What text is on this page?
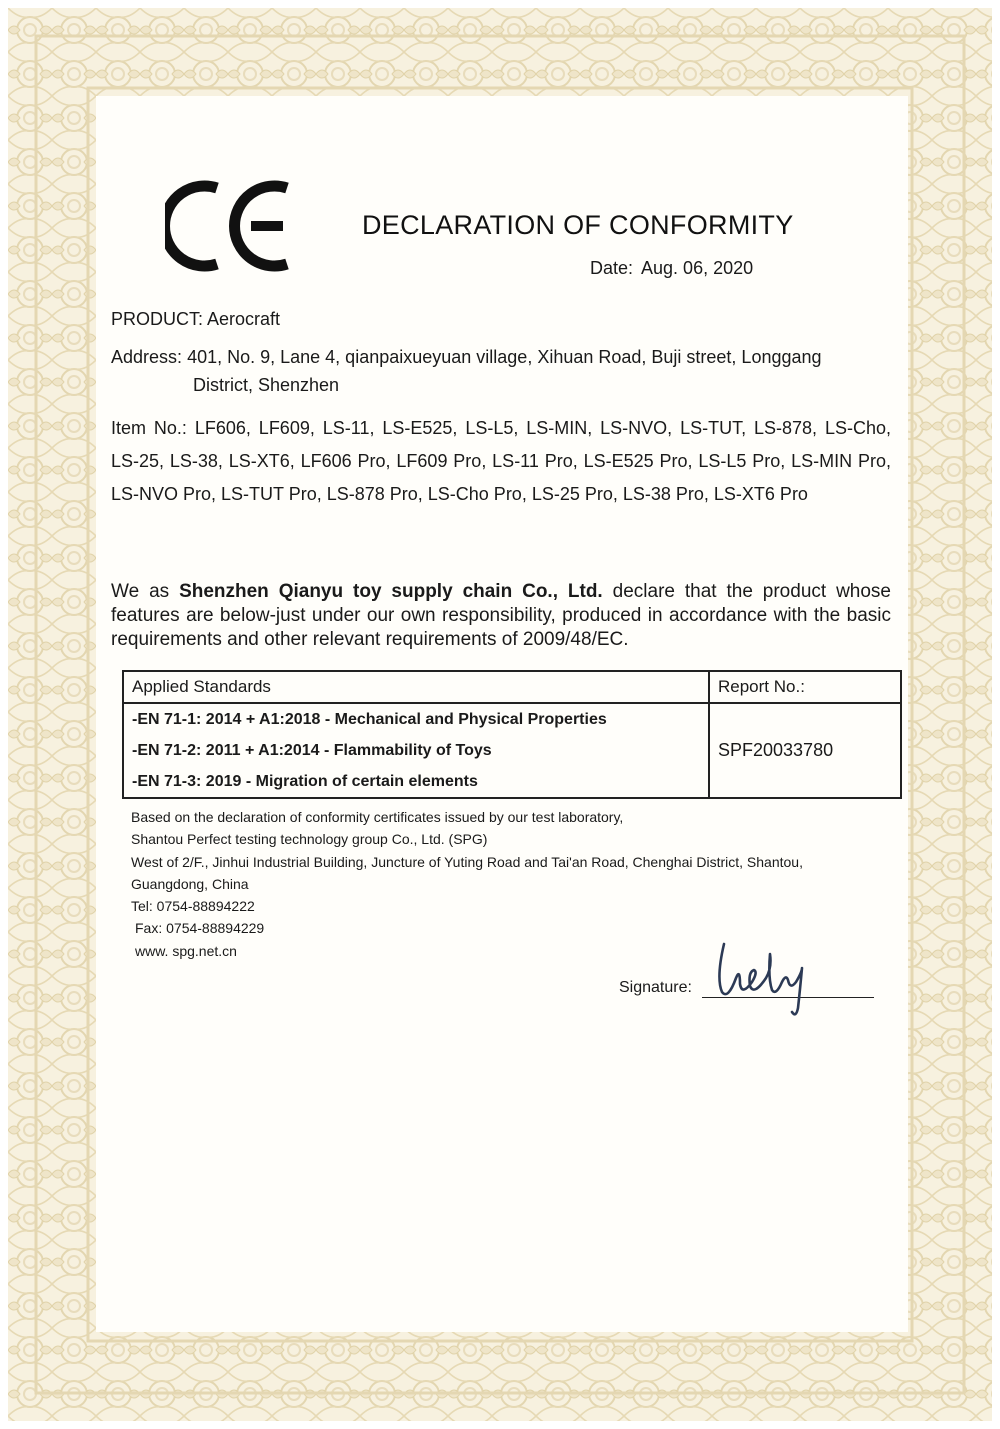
DECLARATION OF CONFORMITY
Date: Aug. 06, 2020
PRODUCT: Aerocraft
Address: 401, No. 9, Lane 4, qianpaixueyuan village, Xihuan Road, Buji street, Longgang
District, Shenzhen
Item No.: LF606, LF609, LS-11, LS-E525, LS-L5, LS-MIN, LS-NVO, LS-TUT, LS-878, LS-Cho, LS-25, LS-38, LS-XT6, LF606 Pro, LF609 Pro, LS-11 Pro, LS-E525 Pro, LS-L5 Pro, LS-MIN Pro, LS-NVO Pro, LS-TUT Pro, LS-878 Pro, LS-Cho Pro, LS-25 Pro, LS-38 Pro, LS-XT6 Pro
We as Shenzhen Qianyu toy supply chain Co., Ltd. declare that the product whose features are below-just under our own responsibility, produced in accordance with the basic requirements and other relevant requirements of 2009/48/EC.
Applied Standards	Report No.:

-EN 71-1: 2014 + A1:2018 - Mechanical and Physical Properties
-EN 71-2: 2011 + A1:2014 - Flammability of Toys
-EN 71-3: 2019 - Migration of certain elements	SPF20033780
Based on the declaration of conformity certificates issued by our test laboratory,
Shantou Perfect testing technology group Co., Ltd. (SPG)
West of 2/F., Jinhui Industrial Building, Juncture of Yuting Road and Tai'an Road, Chenghai District, Shantou,
Guangdong, China
Tel: 0754-88894222
Fax: 0754-88894229
www. spg.net.cn
Signature:
